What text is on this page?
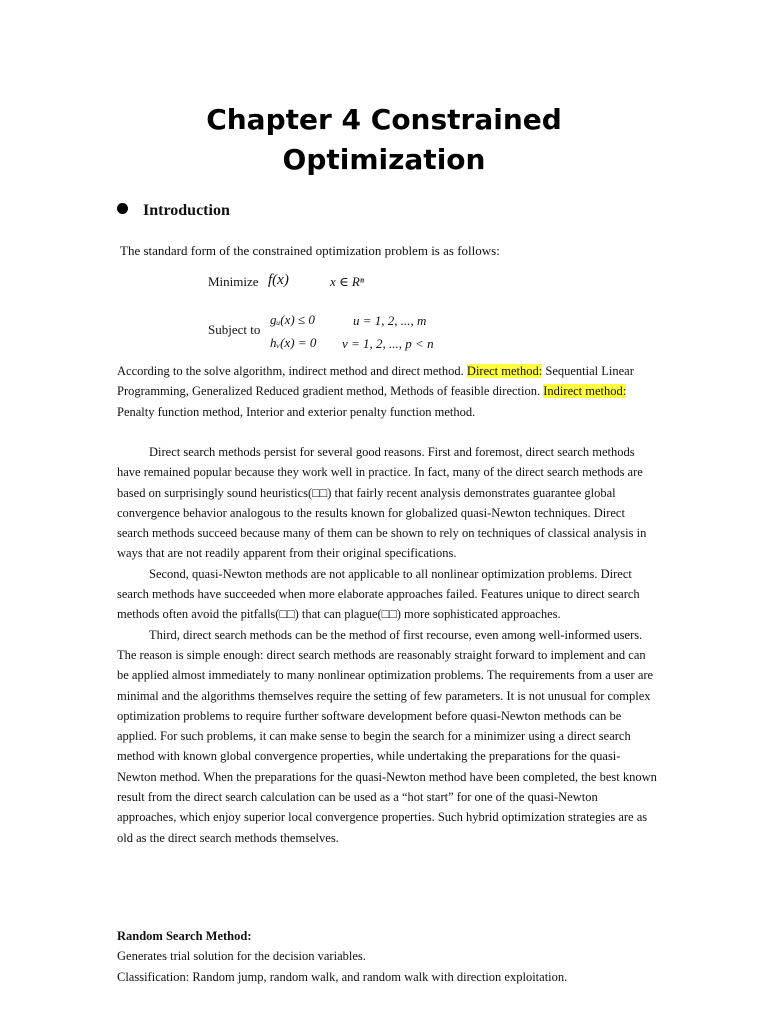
Chapter 4 Constrained
Optimization
Introduction
The standard form of the constrained optimization problem is as follows:
Minimize f(x)	x ∈ Rⁿ
Subject to
gᵤ(x) ≤ 0	u = 1, 2, ..., m
hᵥ(x) = 0 v = 1, 2, ..., p < n

According to the solve algorithm, indirect method and direct method. Direct method: Sequential Linear Programming, Generalized Reduced gradient method, Methods of feasible direction. Indirect method: Penalty function method, Interior and exterior penalty function method.

Direct search methods persist for several good reasons. First and foremost, direct search methods have remained popular because they work well in practice. In fact, many of the direct search methods are based on surprisingly sound heuristics(□□) that fairly recent analysis demonstrates guarantee global convergence behavior analogous to the results known for globalized quasi-Newton techniques. Direct search methods succeed because many of them can be shown to rely on techniques of classical analysis in ways that are not readily apparent from their original specifications.

Second, quasi-Newton methods are not applicable to all nonlinear optimization problems. Direct search methods have succeeded when more elaborate approaches failed. Features unique to direct search methods often avoid the pitfalls(□□) that can plague(□□) more sophisticated approaches.

Third, direct search methods can be the method of first recourse, even among well-informed users. The reason is simple enough: direct search methods are reasonably straight forward to implement and can be applied almost immediately to many nonlinear optimization problems. The requirements from a user are minimal and the algorithms themselves require the setting of few parameters. It is not unusual for complex optimization problems to require further software development before quasi-Newton methods can be applied. For such problems, it can make sense to begin the search for a minimizer using a direct search method with known global convergence properties, while undertaking the preparations for the quasi-Newton method. When the preparations for the quasi-Newton method have been completed, the best known result from the direct search calculation can be used as a “hot start” for one of the quasi-Newton approaches, which enjoy superior local convergence properties. Such hybrid optimization strategies are as old as the direct search methods themselves.

Random Search Method:

Generates trial solution for the decision variables.

Classification: Random jump, random walk, and random walk with direction exploitation.
